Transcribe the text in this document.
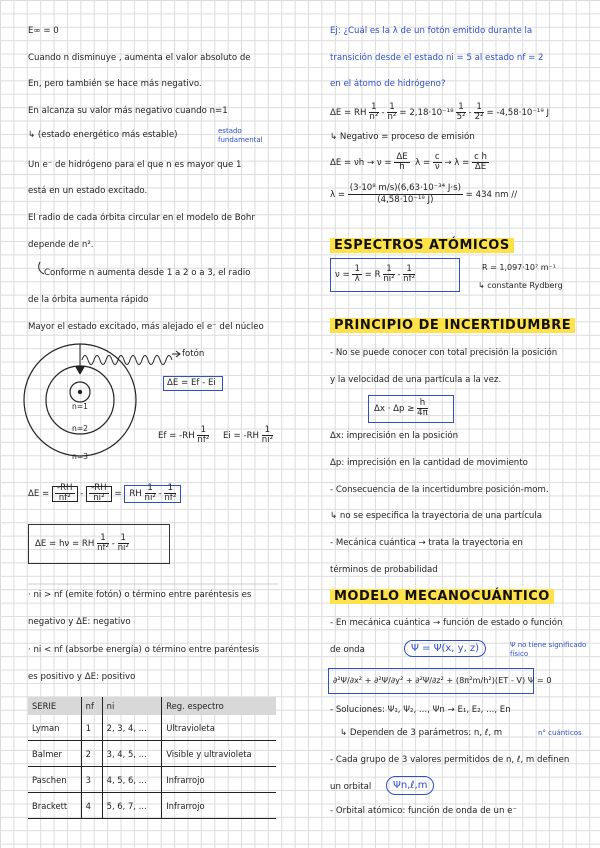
E∞ = 0
Cuando n disminuye , aumenta el valor absoluto de
En, pero también se hace más negativo.
En alcanza su valor más negativo cuando n=1
↳ (estado energético más estable)	estado fundamental
Un e⁻ de hidrógeno para el que n es mayor que 1
está en un estado excitado.
El radio de cada órbita circular en el modelo de Bohr
depende de n².
Conforme n aumenta desde 1 a 2 o a 3, el radio
de la órbita aumenta rápido
Mayor el estado excitado, más alejado el e⁻ del núcleo
fotón
ΔE = Ef - Ei
n=1
n=2
n=3
$Ef = -RH \frac{1}{\text{nf²}}$ $Ei = -RH \frac{1}{\text{ni²}}$
$\Delta E = \frac{-RH}{\text{nf²}} - \frac{-RH}{\text{ni²}}$ = RH $\frac{1}{\text{ni²}} - \frac{1}{\text{nf²}}$
ΔE = hν = RH $\frac{1}{\text{nf²}} - \frac{1}{\text{ni²}}$
· ni > nf (emite fotón) o término entre paréntesis es
negativo y ΔE: negativo
· ni < nf (absorbe energía) o término entre paréntesis
es positivo y ΔE: positivo
SERIE	nf	ni	Reg. espectro
Lyman	1	2, 3, 4, ...	Ultravioleta
Balmer	2	3, 4, 5, ...	Visible y ultravioleta
Paschen	3	4, 5, 6, ...	Infrarrojo
Brackett	4	5, 6, 7, ...	Infrarrojo
Ej: ¿Cuál es la λ de un fotón emitido durante la
transición desde el estado ni = 5 al estado nf = 2
en el átomo de hidrógeno?
ΔE = RH $\frac{1}{\text{n²}} - \frac{1}{\text{n²}} = 2,18\cdot 10^{-18} \frac{1}{\text{5²}} - \frac{1}{\text{2²}} = -4,58\cdot 10^{-19}$ J
↳ Negativo = proceso de emisión
$\Delta E = \nu h \to \nu = \frac{\Delta E}{h}$ $\lambda = \frac{c}{\nu} \to \lambda = \frac{\text{c h}}{\Delta E}$
$\lambda = \frac{\text{(3·10⁸ m/s)(6,63·10⁻³⁴ J·s)}}{\text{(4,58·10⁻¹⁹ J)}} = 434$ nm //
ESPECTROS ATÓMICOS
$\nu = \frac{1}{\lambda} = R \frac{1}{\text{ni²}} - \frac{1}{\text{nf²}}$	R = 1,097·10⁷ m⁻¹
↳ constante Rydberg
PRINCIPIO DE INCERTIDUMBRE
- No se puede conocer con total precisión la posición
y la velocidad de una partícula a la vez.
$\Delta x \cdot \Delta p \ge \frac{h}{4\pi}$
Δx: imprecisión en la posición
Δp: imprecisión en la cantidad de movimiento
- Consecuencia de la incertidumbre posición-mom.
↳ no se especifica la trayectoria de una partícula
- Mecánica cuántica → trata la trayectoria en
términos de probabilidad
MODELO MECANOCUÁNTICO
- En mecánica cuántica → función de estado o función
de onda	Ψ = Ψ(x, y, z)	Ψ no tiene significado físico
∂²Ψ/∂x² + ∂²Ψ/∂y² + ∂²Ψ/∂z² + (8π²m/h²)(ET - V) Ψ = 0
- Soluciones: Ψ₁, Ψ₂, ..., Ψn → E₁, E₂, ..., En
↳ Dependen de 3 parámetros: n, ℓ, m	n° cuánticos
- Cada grupo de 3 valores permitidos de n, ℓ, m definen
un orbital	Ψn,ℓ,m
- Orbital atómico: función de onda de un e⁻
